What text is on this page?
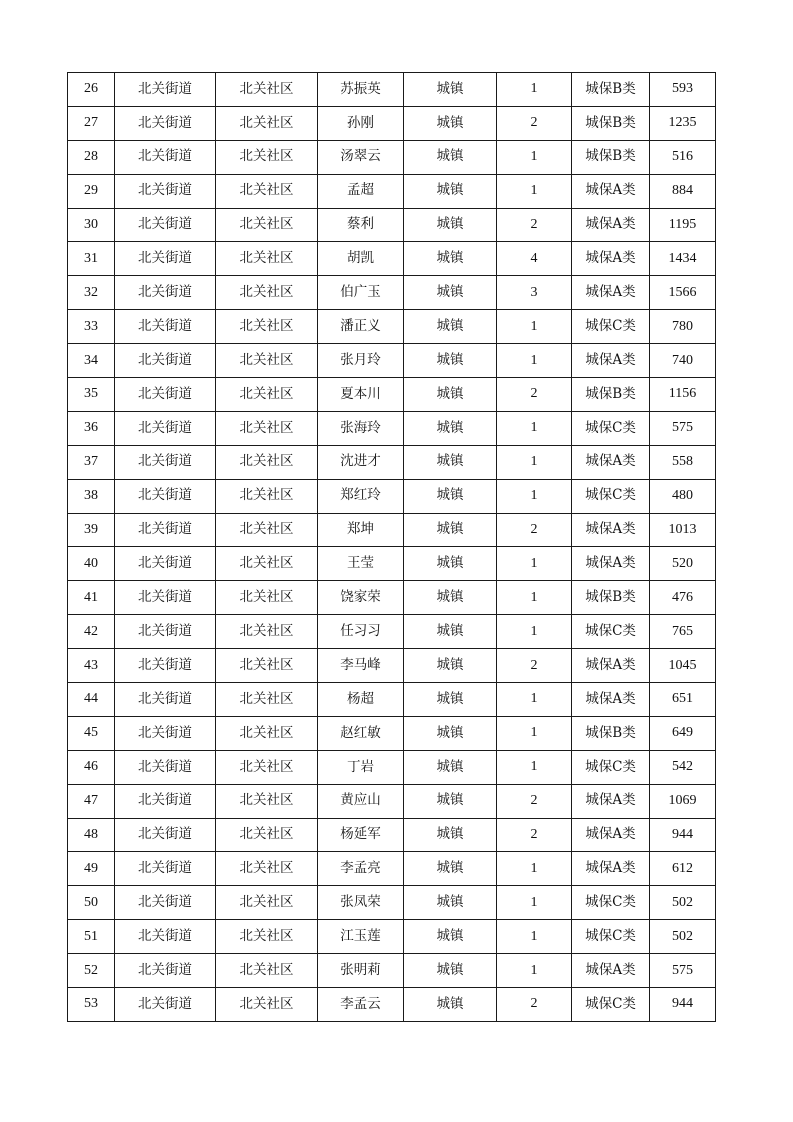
26	北关街道	北关社区	苏振英	城镇	1	城保B类	593
27	北关街道	北关社区	孙刚	城镇	2	城保B类	1235
28	北关街道	北关社区	汤翠云	城镇	1	城保B类	516
29	北关街道	北关社区	孟超	城镇	1	城保A类	884
30	北关街道	北关社区	蔡利	城镇	2	城保A类	1195
31	北关街道	北关社区	胡凯	城镇	4	城保A类	1434
32	北关街道	北关社区	伯广玉	城镇	3	城保A类	1566
33	北关街道	北关社区	潘正义	城镇	1	城保C类	780
34	北关街道	北关社区	张月玲	城镇	1	城保A类	740
35	北关街道	北关社区	夏本川	城镇	2	城保B类	1156
36	北关街道	北关社区	张海玲	城镇	1	城保C类	575
37	北关街道	北关社区	沈进才	城镇	1	城保A类	558
38	北关街道	北关社区	郑红玲	城镇	1	城保C类	480
39	北关街道	北关社区	郑坤	城镇	2	城保A类	1013
40	北关街道	北关社区	王莹	城镇	1	城保A类	520
41	北关街道	北关社区	饶家荣	城镇	1	城保B类	476
42	北关街道	北关社区	任习习	城镇	1	城保C类	765
43	北关街道	北关社区	李马峰	城镇	2	城保A类	1045
44	北关街道	北关社区	杨超	城镇	1	城保A类	651
45	北关街道	北关社区	赵红敏	城镇	1	城保B类	649
46	北关街道	北关社区	丁岩	城镇	1	城保C类	542
47	北关街道	北关社区	黄应山	城镇	2	城保A类	1069
48	北关街道	北关社区	杨延军	城镇	2	城保A类	944
49	北关街道	北关社区	李孟亮	城镇	1	城保A类	612
50	北关街道	北关社区	张凤荣	城镇	1	城保C类	502
51	北关街道	北关社区	江玉莲	城镇	1	城保C类	502
52	北关街道	北关社区	张明莉	城镇	1	城保A类	575
53	北关街道	北关社区	李孟云	城镇	2	城保C类	944
